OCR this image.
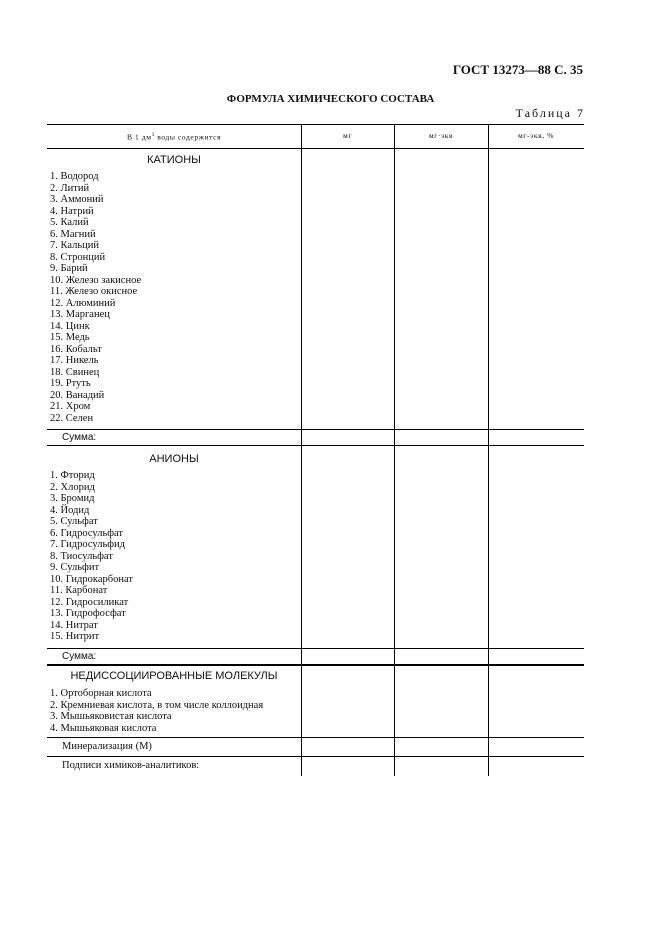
ГОСТ 13273—88 С. 35
ФОРМУЛА ХИМИЧЕСКОГО СОСТАВА
Таблица 7
В 1 $дм^3$ воды содержится	мг	мг·экв	мг-экв, %
КАТИОНЫ
1. Водород
2. Литий
3. Аммоний
4. Натрий
5. Калий
6. Магний
7. Кальций
8. Стронций
9. Барий
10. Железо закисное
11. Железо окисное
12. Алюминий
13. Марганец
14. Цинк
15. Медь
16. Кобальт
17. Никель
18. Свинец
19. Ртуть
20. Ванадий
21. Хром
22. Селен
Сумма:
АНИОНЫ
1. Фторид
2. Хлорид
3. Бромид
4. Йодид
5. Сульфат
6. Гидросульфат
7. Гидросульфид
8. Тиосульфат
9. Сульфит
10. Гидрокарбонат
11. Карбонат
12. Гидросиликат
13. Гидрофосфат
14. Нитрат
15. Нитрит
Сумма:
НЕДИССОЦИИРОВАННЫЕ МОЛЕКУЛЫ
1. Ортоборная кислота
2. Кремниевая кислота, в том числе коллоидная
3. Мышьяковистая кислота
4. Мышьяковая кислота
Минерализация (М)
Подписи химиков-аналитиков:
